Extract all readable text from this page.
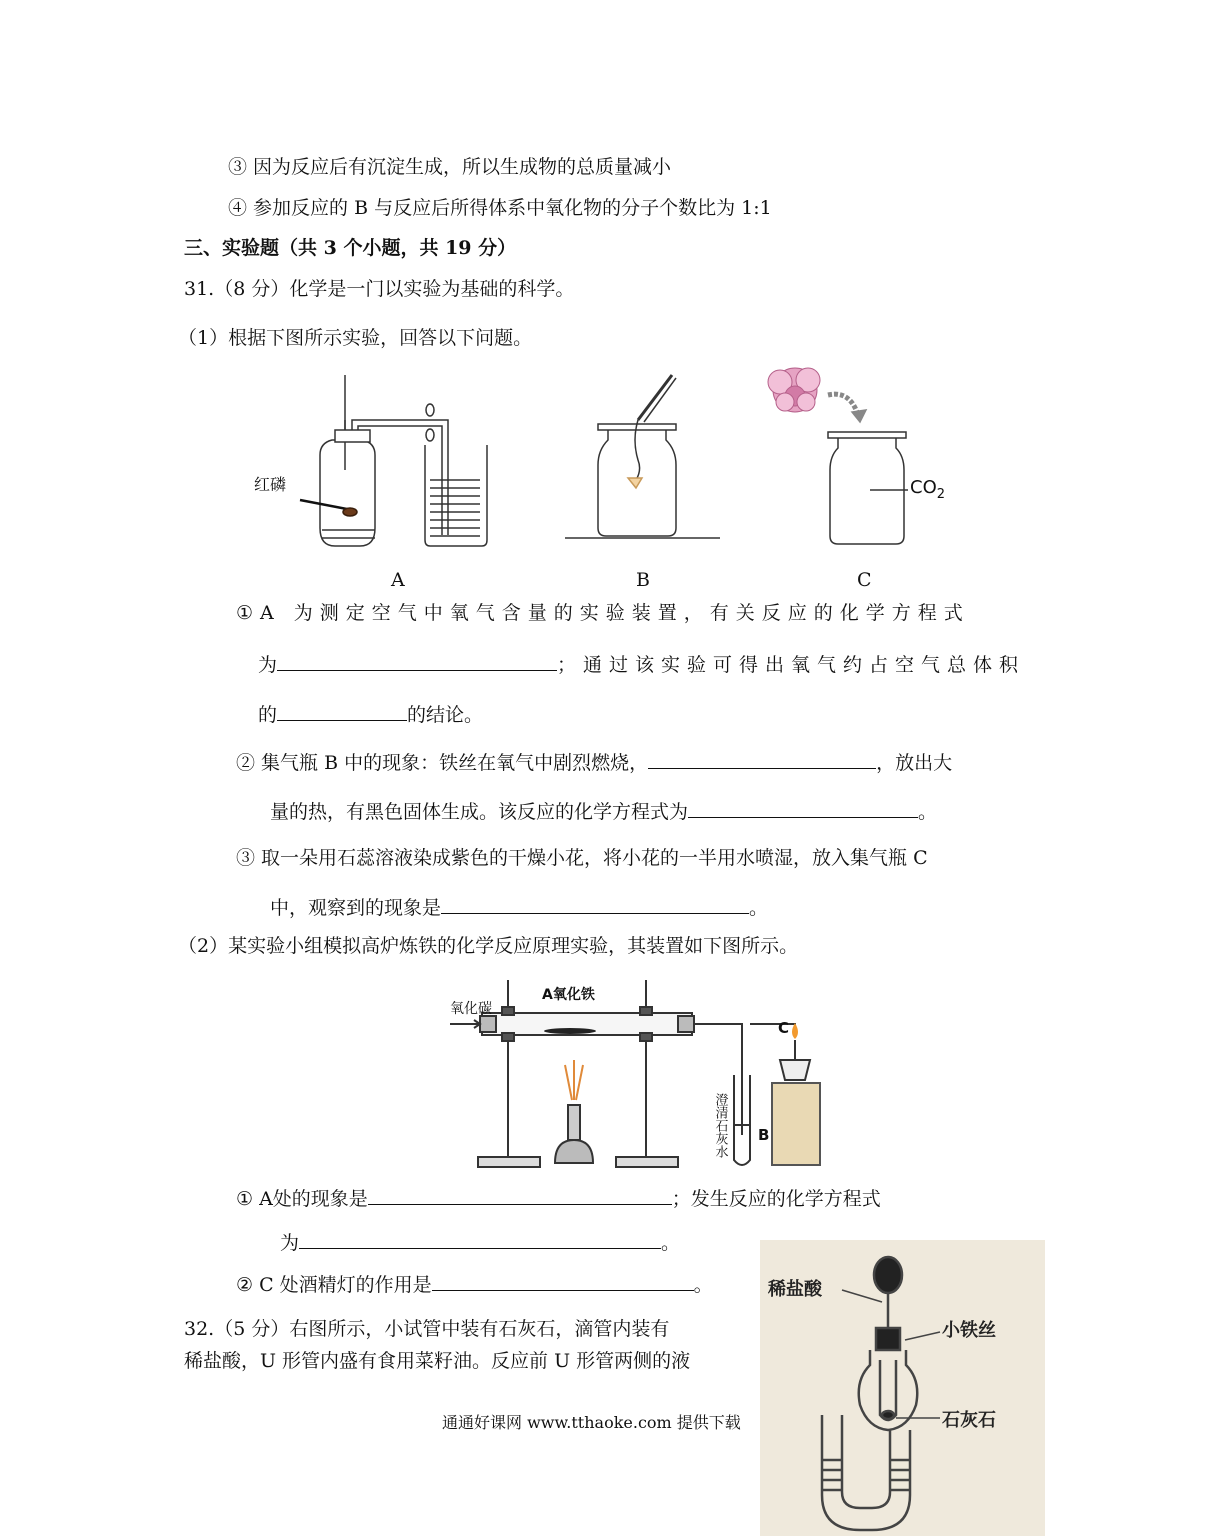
③ 因为反应后有沉淀生成，所以生成物的总质量减小
④ 参加反应的 B 与反应后所得体系中氧化物的分子个数比为 1:1
三、实验题（共 3 个小题，共 19 分）
31.（8 分）化学是一门以实验为基础的科学。
（1）根据下图所示实验，回答以下问题。
红磷	$CO_2$
A	B	C
①A 为测定空气中氧气含量的实验装置，有关反应的化学方程式
为	；通过该实验可得出氧气约占空气总体积
的	的结论。
② 集气瓶 B 中的现象：铁丝在氧气中剧烈燃烧，	，放出大
量的热，有黑色固体生成。该反应的化学方程式为	。
③ 取一朵用石蕊溶液染成紫色的干燥小花，将小花的一半用水喷湿，放入集气瓶 C
中，观察到的现象是	。
（2）某实验小组模拟高炉炼铁的化学反应原理实验，其装置如下图所示。
氧化碳
A氧化铁
C
B
澄清石灰水
① A处的现象是	；发生反应的化学方程式
为	。
② C 处酒精灯的作用是	。
32.（5 分）右图所示，小试管中装有石灰石，滴管内装有
稀盐酸，U 形管内盛有食用菜籽油。反应前 U 形管两侧的液
稀盐酸
小铁丝
石灰石
通通好课网 www.tthaoke.com 提供下载
